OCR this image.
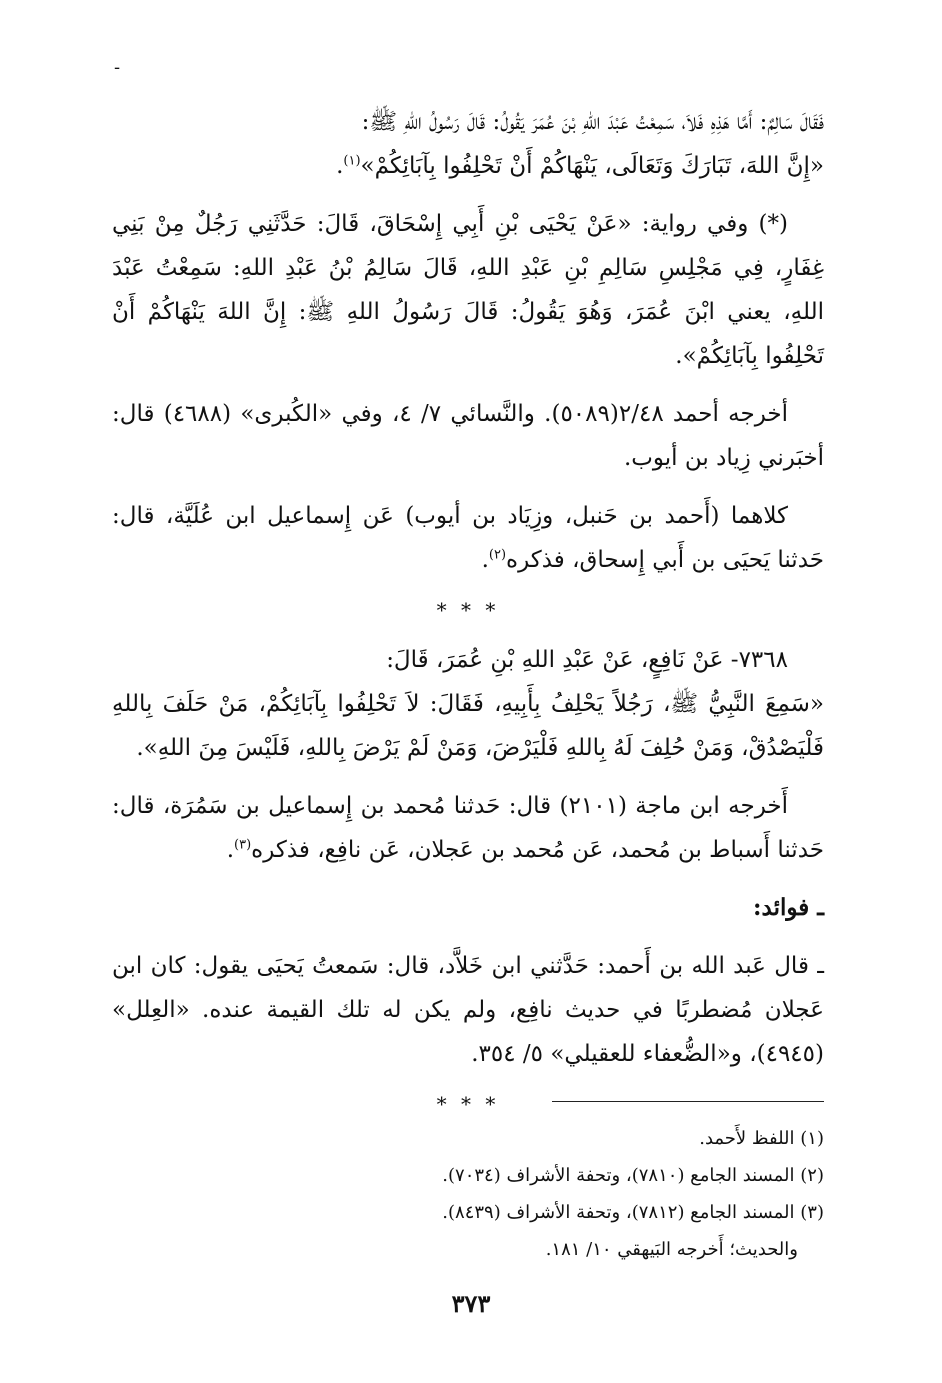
-

فَقَالَ سَالِمٌ: أَمَّا هَذِهِ فَلاَ، سَمِعْتُ عَبْدَ اللهِ بْنَ عُمَرَ يَقُولُ: قَالَ رَسُولُ اللهِ ﷺ:
«إِنَّ اللهَ، تَبَارَكَ وَتَعَالَى، يَنْهَاكُمْ أَنْ تَحْلِفُوا بِآبَائِكُمْ»$^{(١)}$.

(*) وفي رواية: «عَنْ يَحْيَى بْنِ أَبِي إِسْحَاقَ، قَالَ: حَدَّثَنِي رَجُلٌ مِنْ بَنِي غِفَارٍ، فِي مَجْلِسِ سَالِمِ بْنِ عَبْدِ اللهِ، قَالَ سَالِمُ بْنُ عَبْدِ اللهِ: سَمِعْتُ عَبْدَ اللهِ، يعني ابْنَ عُمَرَ، وَهُوَ يَقُولُ: قَالَ رَسُولُ اللهِ ﷺ: إِنَّ اللهَ يَنْهَاكُمْ أَنْ تَحْلِفُوا بِآبَائِكُمْ».

أخرجه أحمد ٢/٤٨(٥٠٨٩). والنَّسائي ٧/ ٤، وفي «الكُبرى» (٤٦٨٨) قال: أخبَرني زِياد بن أيوب.

كلاهما (أَحمد بن حَنبل، وزِيَاد بن أيوب) عَن إِسماعيل ابن عُلَيَّة، قال: حَدثنا يَحيَى بن أَبي إِسحاق، فذكره$^{(٢)}$.

* * *

٧٣٦٨- عَنْ نَافِعٍ، عَنْ عَبْدِ اللهِ بْنِ عُمَرَ، قَالَ:

«سَمِعَ النَّبِيُّ ﷺ، رَجُلاً يَحْلِفُ بِأَبِيهِ، فَقَالَ: لاَ تَحْلِفُوا بِآبَائِكُمْ، مَنْ حَلَفَ بِاللهِ فَلْيَصْدُقْ، وَمَنْ حُلِفَ لَهُ بِاللهِ فَلْيَرْضَ، وَمَنْ لَمْ يَرْضَ بِاللهِ، فَلَيْسَ مِنَ اللهِ».

أَخرجه ابن ماجة (٢١٠١) قال: حَدثنا مُحمد بن إِسماعيل بن سَمُرَة، قال: حَدثنا أَسباط بن مُحمد، عَن مُحمد بن عَجلان، عَن نافِع، فذكره$^{(٣)}$.

ـ فوائد:

ـ قال عَبد الله بن أَحمد: حَدَّثني ابن خَلاَّد، قال: سَمعتُ يَحيَى يقول: كان ابن عَجلان مُضطربًا في حديث نافِع، ولم يكن له تلك القيمة عنده. «العِلل» (٤٩٤٥)، و«الضُّعفاء للعقيلي» ٥/ ٣٥٤.

* * *

(١) اللفظ لأَحمد.

(٢) المسند الجامع (٧٨١٠)، وتحفة الأشراف (٧٠٣٤).

(٣) المسند الجامع (٧٨١٢)، وتحفة الأشراف (٨٤٣٩).

والحديث؛ أَخرجه البَيهقي ١٠/ ١٨١.

٣٧٣
